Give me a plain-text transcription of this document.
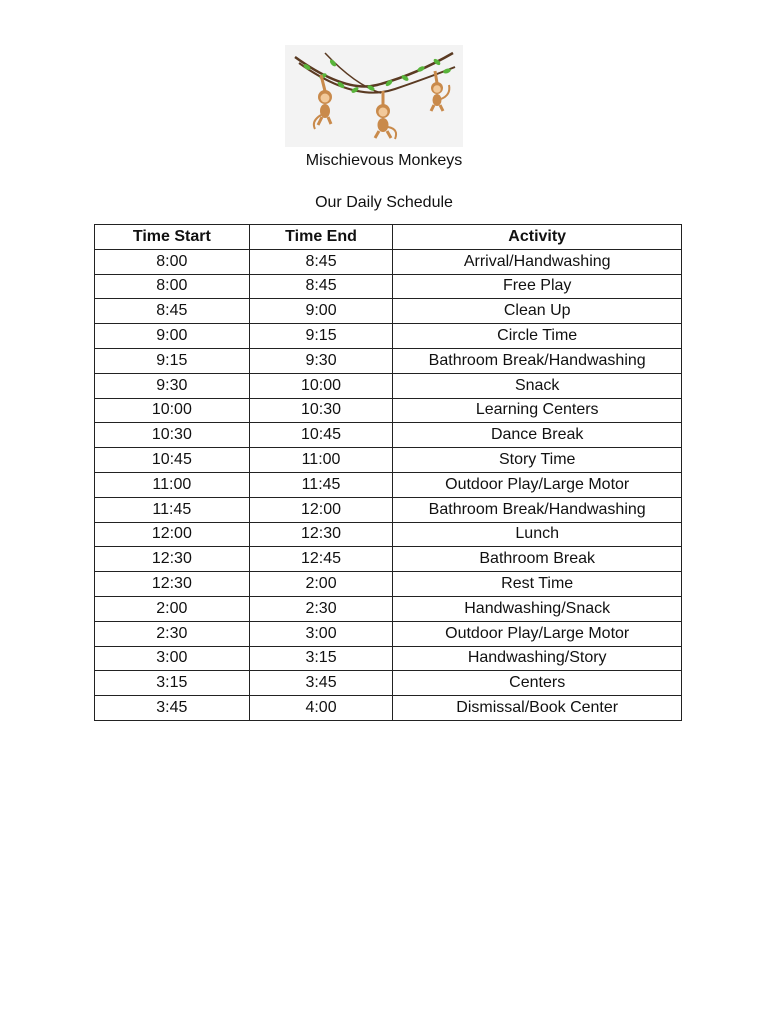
Mischievous Monkeys
Our Daily Schedule
Time Start	Time End	Activity
8:00	8:45	Arrival/Handwashing
8:00	8:45	Free Play
8:45	9:00	Clean Up
9:00	9:15	Circle Time
9:15	9:30	Bathroom Break/Handwashing
9:30	10:00	Snack
10:00	10:30	Learning Centers
10:30	10:45	Dance Break
10:45	11:00	Story Time
11:00	11:45	Outdoor Play/Large Motor
11:45	12:00	Bathroom Break/Handwashing
12:00	12:30	Lunch
12:30	12:45	Bathroom Break
12:30	2:00	Rest Time
2:00	2:30	Handwashing/Snack
2:30	3:00	Outdoor Play/Large Motor
3:00	3:15	Handwashing/Story
3:15	3:45	Centers
3:45	4:00	Dismissal/Book Center
